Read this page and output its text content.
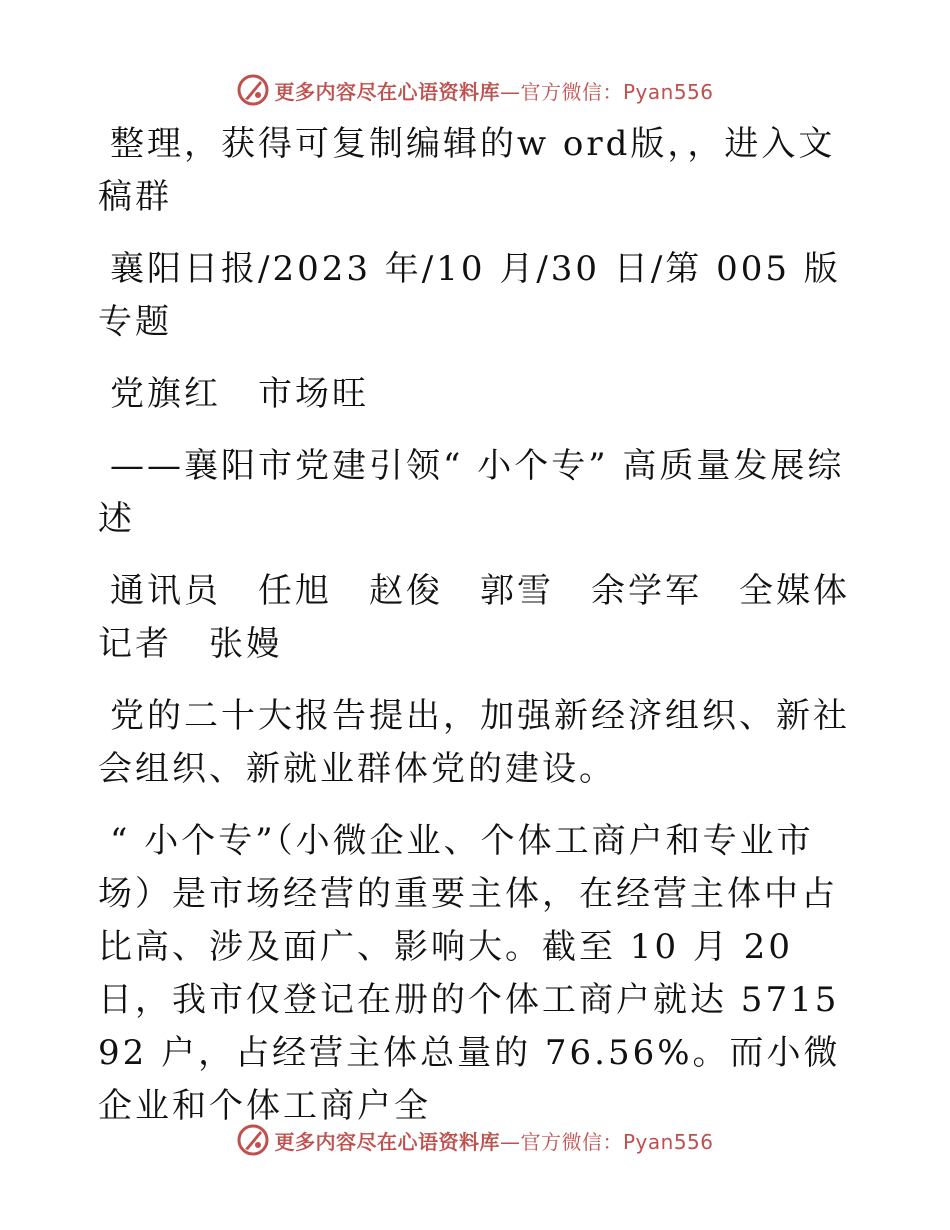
更多内容尽在心语资料库—官方微信：Pyan556

整理，获得可复制编辑的w ord版，，进入文稿群

襄阳日报/2023 年/10 月/30 日/第 005 版专题

党旗红　市场旺

——襄阳市党建引领“ 小个专” 高质量发展综述

通讯员　任旭　赵俊　郭雪　余学军　全媒体记者　张嫚

党的二十大报告提出，加强新经济组织、新社会组织、新就业群体党的建设。

“ 小个专”（小微企业、个体工商户和专业市场）是市场经营的重要主体，在经营主体中占比高、涉及面广、影响大。截至 10 月 20 日，我市仅登记在册的个体工商户就达 571592 户，占经营主体总量的 76.56%。而小微企业和个体工商户全

更多内容尽在心语资料库—官方微信：Pyan556
